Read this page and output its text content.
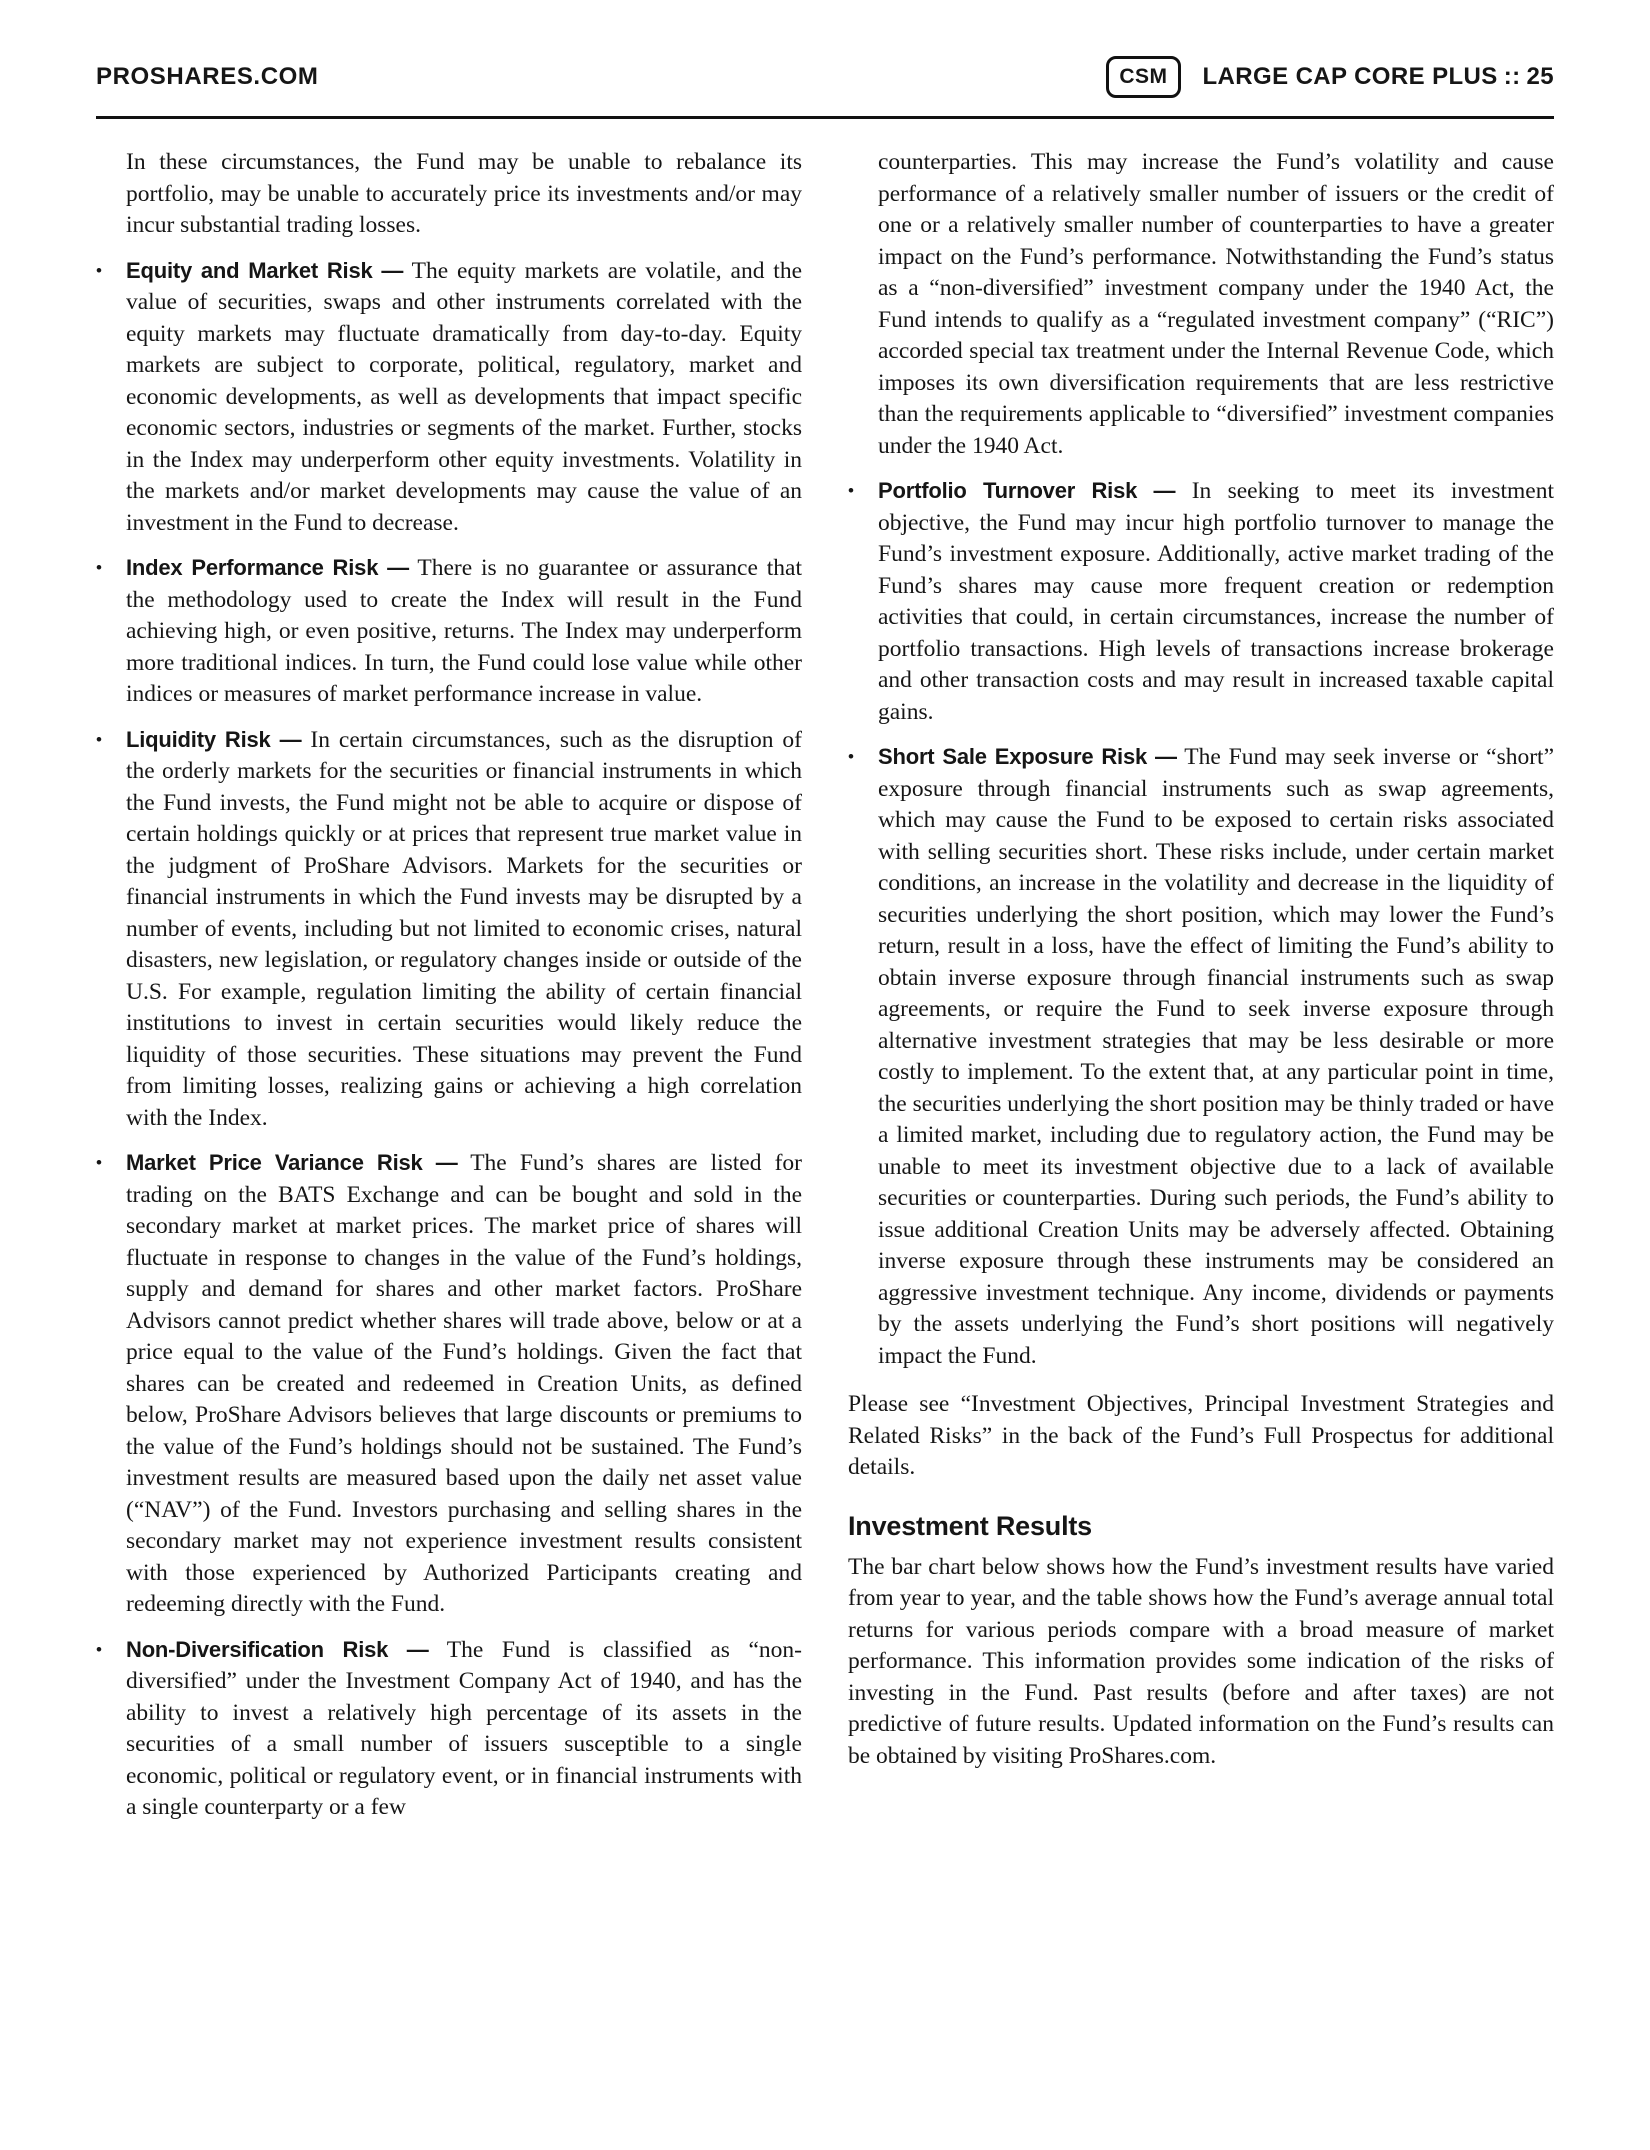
PROSHARES.COM	CSM	LARGE CAP CORE PLUS :: 25

In these circumstances, the Fund may be unable to rebalance its portfolio, may be unable to accurately price its investments and/or may incur substantial trading losses.

•	Equity and Market Risk — The equity markets are volatile, and the value of securities, swaps and other instruments correlated with the equity markets may fluctuate dramatically from day-to-day. Equity markets are subject to corporate, political, regulatory, market and economic developments, as well as developments that impact specific economic sectors, industries or segments of the market. Further, stocks in the Index may underperform other equity investments. Volatility in the markets and/or market developments may cause the value of an investment in the Fund to decrease.

•	Index Performance Risk — There is no guarantee or assurance that the methodology used to create the Index will result in the Fund achieving high, or even positive, returns. The Index may underperform more traditional indices. In turn, the Fund could lose value while other indices or measures of market performance increase in value.

•	Liquidity Risk — In certain circumstances, such as the disruption of the orderly markets for the securities or financial instruments in which the Fund invests, the Fund might not be able to acquire or dispose of certain holdings quickly or at prices that represent true market value in the judgment of ProShare Advisors. Markets for the securities or financial instruments in which the Fund invests may be disrupted by a number of events, including but not limited to economic crises, natural disasters, new legislation, or regulatory changes inside or outside of the U.S. For example, regulation limiting the ability of certain financial institutions to invest in certain securities would likely reduce the liquidity of those securities. These situations may prevent the Fund from limiting losses, realizing gains or achieving a high correlation with the Index.

•	Market Price Variance Risk — The Fund’s shares are listed for trading on the BATS Exchange and can be bought and sold in the secondary market at market prices. The market price of shares will fluctuate in response to changes in the value of the Fund’s holdings, supply and demand for shares and other market factors. ProShare Advisors cannot predict whether shares will trade above, below or at a price equal to the value of the Fund’s holdings. Given the fact that shares can be created and redeemed in Creation Units, as defined below, ProShare Advisors believes that large discounts or premiums to the value of the Fund’s holdings should not be sustained. The Fund’s investment results are measured based upon the daily net asset value (“NAV”) of the Fund. Investors purchasing and selling shares in the secondary market may not experience investment results consistent with those experienced by Authorized Participants creating and redeeming directly with the Fund.

•	Non-Diversification Risk — The Fund is classified as “non-diversified” under the Investment Company Act of 1940, and has the ability to invest a relatively high percentage of its assets in the securities of a small number of issuers susceptible to a single economic, political or regulatory event, or in financial instruments with a single counterparty or a few

counterparties. This may increase the Fund’s volatility and cause performance of a relatively smaller number of issuers or the credit of one or a relatively smaller number of counterparties to have a greater impact on the Fund’s performance. Notwithstanding the Fund’s status as a “non-diversified” investment company under the 1940 Act, the Fund intends to qualify as a “regulated investment company” (“RIC”) accorded special tax treatment under the Internal Revenue Code, which imposes its own diversification requirements that are less restrictive than the requirements applicable to “diversified” investment companies under the 1940 Act.

•	Portfolio Turnover Risk — In seeking to meet its investment objective, the Fund may incur high portfolio turnover to manage the Fund’s investment exposure. Additionally, active market trading of the Fund’s shares may cause more frequent creation or redemption activities that could, in certain circumstances, increase the number of portfolio transactions. High levels of transactions increase brokerage and other transaction costs and may result in increased taxable capital gains.

•	Short Sale Exposure Risk — The Fund may seek inverse or “short” exposure through financial instruments such as swap agreements, which may cause the Fund to be exposed to certain risks associated with selling securities short. These risks include, under certain market conditions, an increase in the volatility and decrease in the liquidity of securities underlying the short position, which may lower the Fund’s return, result in a loss, have the effect of limiting the Fund’s ability to obtain inverse exposure through financial instruments such as swap agreements, or require the Fund to seek inverse exposure through alternative investment strategies that may be less desirable or more costly to implement. To the extent that, at any particular point in time, the securities underlying the short position may be thinly traded or have a limited market, including due to regulatory action, the Fund may be unable to meet its investment objective due to a lack of available securities or counterparties. During such periods, the Fund’s ability to issue additional Creation Units may be adversely affected. Obtaining inverse exposure through these instruments may be considered an aggressive investment technique. Any income, dividends or payments by the assets underlying the Fund’s short positions will negatively impact the Fund.

Please see “Investment Objectives, Principal Investment Strategies and Related Risks” in the back of the Fund’s Full Prospectus for additional details.

Investment Results

The bar chart below shows how the Fund’s investment results have varied from year to year, and the table shows how the Fund’s average annual total returns for various periods compare with a broad measure of market performance. This information provides some indication of the risks of investing in the Fund. Past results (before and after taxes) are not predictive of future results. Updated information on the Fund’s results can be obtained by visiting ProShares.com.
